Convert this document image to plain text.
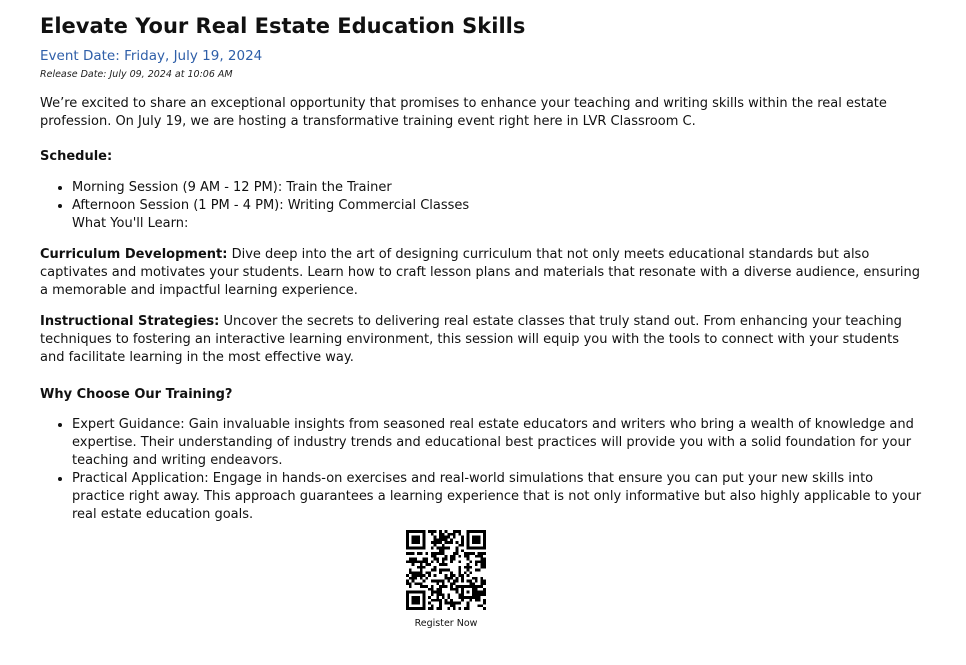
Elevate Your Real Estate Education Skills
Event Date: Friday, July 19, 2024
Release Date: July 09, 2024 at 10:06 AM

We’re excited to share an exceptional opportunity that promises to enhance your teaching and writing skills within the real estate profession. On July 19, we are hosting a transformative training event right here in LVR Classroom C.

Schedule:
• Morning Session (9 AM - 12 PM): Train the Trainer
• Afternoon Session (1 PM - 4 PM): Writing Commercial Classes
What You'll Learn:

Curriculum Development: Dive deep into the art of designing curriculum that not only meets educational standards but also captivates and motivates your students. Learn how to craft lesson plans and materials that resonate with a diverse audience, ensuring a memorable and impactful learning experience.

Instructional Strategies: Uncover the secrets to delivering real estate classes that truly stand out. From enhancing your teaching techniques to fostering an interactive learning environment, this session will equip you with the tools to connect with your students and facilitate learning in the most effective way.

Why Choose Our Training?
• Expert Guidance: Gain invaluable insights from seasoned real estate educators and writers who bring a wealth of knowledge and expertise. Their understanding of industry trends and educational best practices will provide you with a solid foundation for your teaching and writing endeavors.
• Practical Application: Engage in hands-on exercises and real-world simulations that ensure you can put your new skills into practice right away. This approach guarantees a learning experience that is not only informative but also highly applicable to your real estate education goals.
Register Now
